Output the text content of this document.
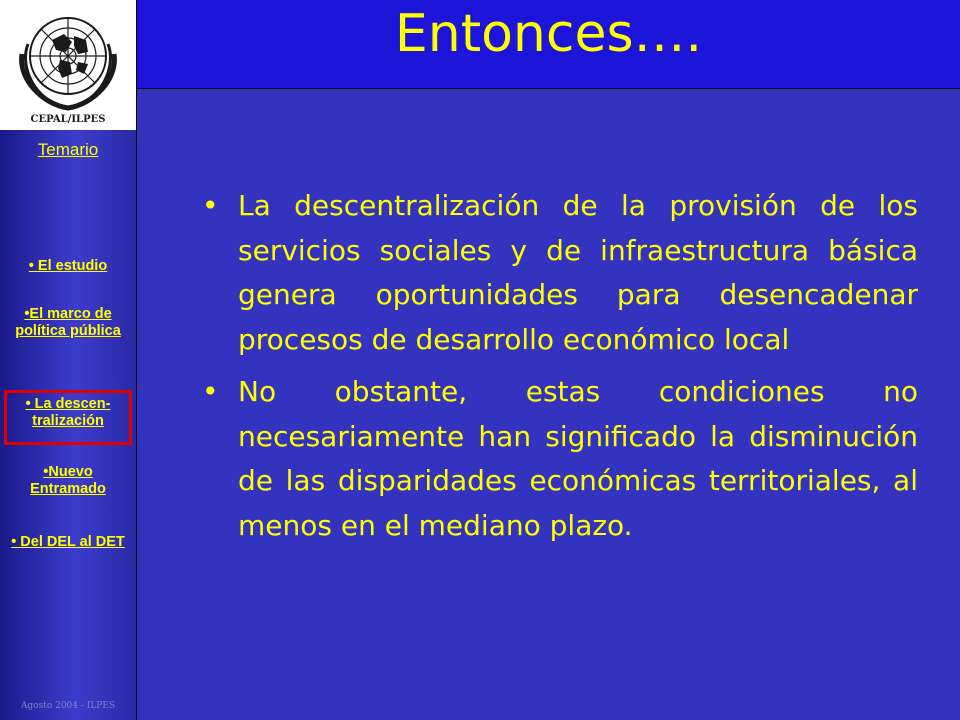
CEPAL/ILPES
Temario
• El estudio
•El marco de política pública
• La descen-tralización
•Nuevo Entramado
• Del DEL al DET
Agosto 2004 - ILPES
Entonces….
• La descentralización de la provisión de los servicios sociales y de infraestructura básica genera oportunidades para desencadenar procesos de desarrollo económico local
• No obstante, estas condiciones no necesariamente han significado la disminución de las disparidades económicas territoriales, al menos en el mediano plazo.
